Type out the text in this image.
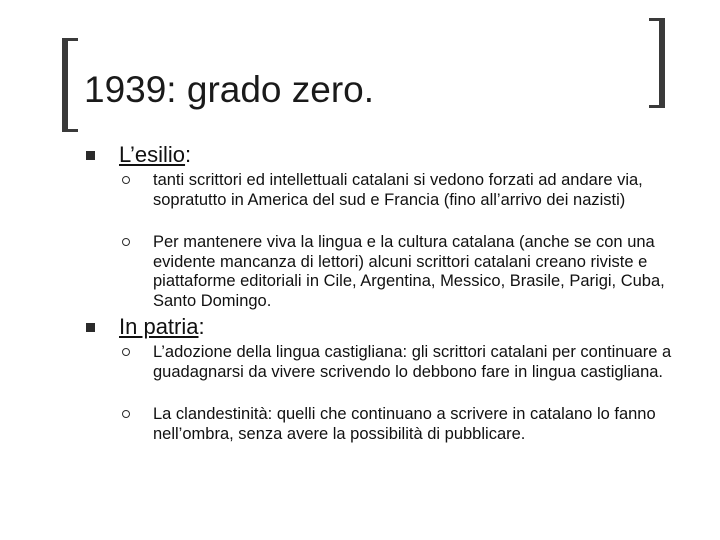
1939: grado zero.
L’esilio:
tanti scrittori ed intellettuali catalani si vedono forzati ad andare via, sopratutto in America del sud e Francia (fino all’arrivo dei nazisti)
Per mantenere viva la lingua e la cultura catalana (anche se con una evidente mancanza di lettori) alcuni scrittori catalani creano riviste e piattaforme editoriali in Cile, Argentina, Messico, Brasile, Parigi, Cuba, Santo Domingo.
In patria:
L’adozione della lingua castigliana: gli scrittori catalani per continuare a guadagnarsi da vivere scrivendo lo debbono fare in lingua castigliana.
La clandestinità: quelli che continuano a scrivere in catalano lo fanno nell’ombra, senza avere la possibilità di pubblicare.
